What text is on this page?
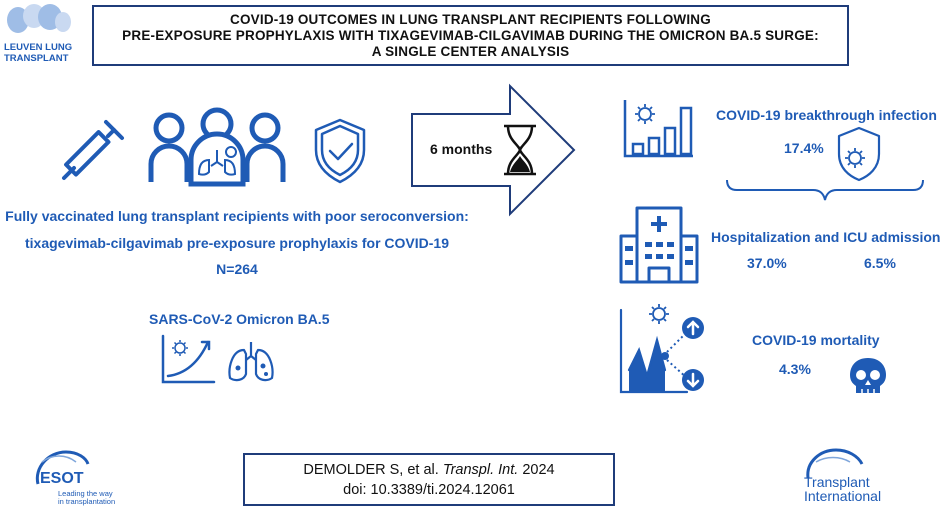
LEUVEN LUNG
TRANSPLANT
COVID-19 OUTCOMES IN LUNG TRANSPLANT RECIPIENTS FOLLOWING
PRE-EXPOSURE PROPHYLAXIS WITH TIXAGEVIMAB-CILGAVIMAB DURING THE OMICRON BA.5 SURGE:
A SINGLE CENTER ANALYSIS
Fully vaccinated lung transplant recipients with poor seroconversion:
tixagevimab-cilgavimab pre-exposure prophylaxis for COVID-19
N=264
SARS-CoV-2 Omicron BA.5
6 months
COVID-19 breakthrough infection
17.4%
Hospitalization and ICU admission
37.0%	6.5%
COVID-19 mortality
4.3%
ESOT
Leading the way
in transplantation
DEMOLDER S, et al. Transpl. Int. 2024
doi: 10.3389/ti.2024.12061	Transplant
International
